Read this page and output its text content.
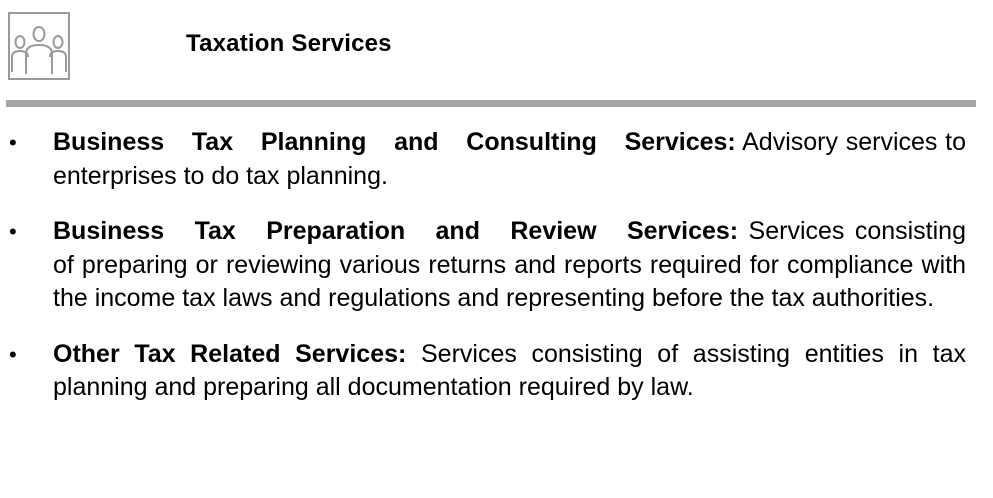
Taxation Services
• Business Tax Planning and Consulting Services: Advisory services to enterprises to do tax planning.
• Business Tax Preparation and Review Services: Services consisting of preparing or reviewing various returns and reports required for compliance with the income tax laws and regulations and representing before the tax authorities.
• Other Tax Related Services: Services consisting of assisting entities in tax planning and preparing all documentation required by law.
